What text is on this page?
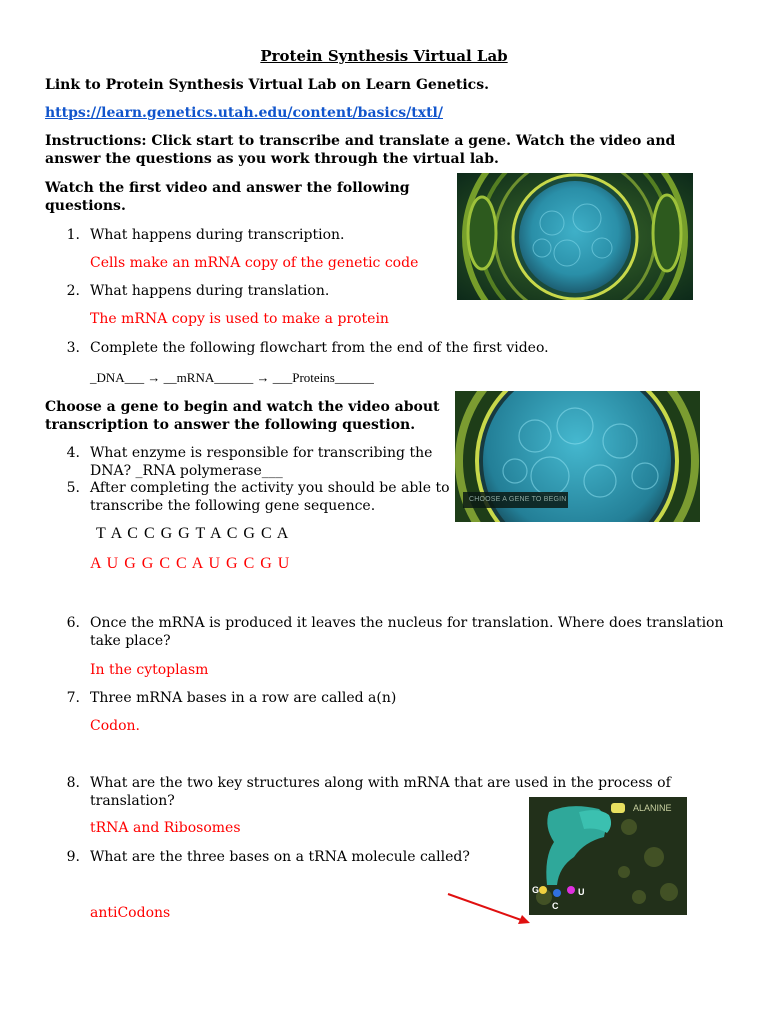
Protein Synthesis Virtual Lab
Link to Protein Synthesis Virtual Lab on Learn Genetics.
https://learn.genetics.utah.edu/content/basics/txtl/
Instructions: Click start to transcribe and translate a gene. Watch the video and
answer the questions as you work through the virtual lab.
Watch the first video and answer the following
questions.
1. What happens during transcription.
Cells make an mRNA copy of the genetic code
2. What happens during translation.
The mRNA copy is used to make a protein
3. Complete the following flowchart from the end of the first video.
_DNA___ → __mRNA______ → ___Proteins______
Choose a gene to begin and watch the video about
transcription to answer the following question.
4. What enzyme is responsible for transcribing the
DNA? _RNA polymerase___
5. After completing the activity you should be able to
transcribe the following gene sequence.
T A C C G G T A C G C A
A U G G C C A U G C G U
6. Once the mRNA is produced it leaves the nucleus for translation. Where does translation
take place?
In the cytoplasm
7. Three mRNA bases in a row are called a(n)
Codon.
8. What are the two key structures along with mRNA that are used in the process of
translation?
tRNA and Ribosomes
9. What are the three bases on a tRNA molecule called?
antiCodons
CHOOSE A GENE TO BEGIN
ALANINE
G	U
C
